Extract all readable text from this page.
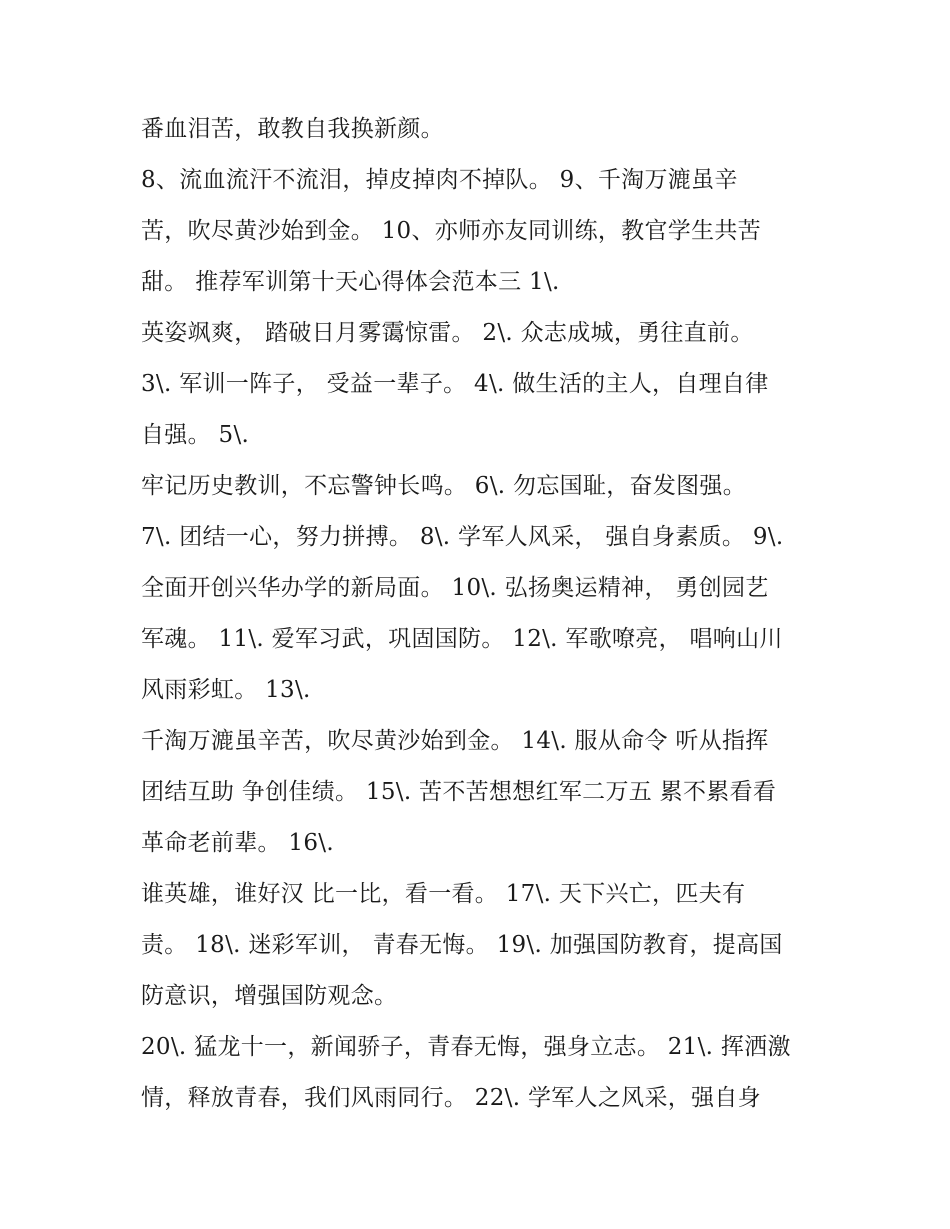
番血泪苦，敢教自我换新颜。
8、流血流汗不流泪，掉皮掉肉不掉队。 9、千淘万漉虽辛
苦，吹尽黄沙始到金。 10、亦师亦友同训练，教官学生共苦
甜。 推荐军训第十天心得体会范本三 1\.
英姿飒爽， 踏破日月雾霭惊雷。 2\. 众志成城，勇往直前。
3\. 军训一阵子， 受益一辈子。 4\. 做生活的主人，自理自律
自强。 5\.
牢记历史教训，不忘警钟长鸣。 6\. 勿忘国耻，奋发图强。
7\. 团结一心，努力拼搏。 8\. 学军人风采， 强自身素质。 9\.
全面开创兴华办学的新局面。 10\. 弘扬奥运精神， 勇创园艺
军魂。 11\. 爱军习武，巩固国防。 12\. 军歌嘹亮， 唱响山川
风雨彩虹。 13\.
千淘万漉虽辛苦，吹尽黄沙始到金。 14\. 服从命令 听从指挥
团结互助 争创佳绩。 15\. 苦不苦想想红军二万五 累不累看看
革命老前辈。 16\.
谁英雄，谁好汉 比一比，看一看。 17\. 天下兴亡，匹夫有
责。 18\. 迷彩军训， 青春无悔。 19\. 加强国防教育，提高国
防意识，增强国防观念。
20\. 猛龙十一，新闻骄子，青春无悔，强身立志。 21\. 挥洒激
情，释放青春，我们风雨同行。 22\. 学军人之风采，强自身
